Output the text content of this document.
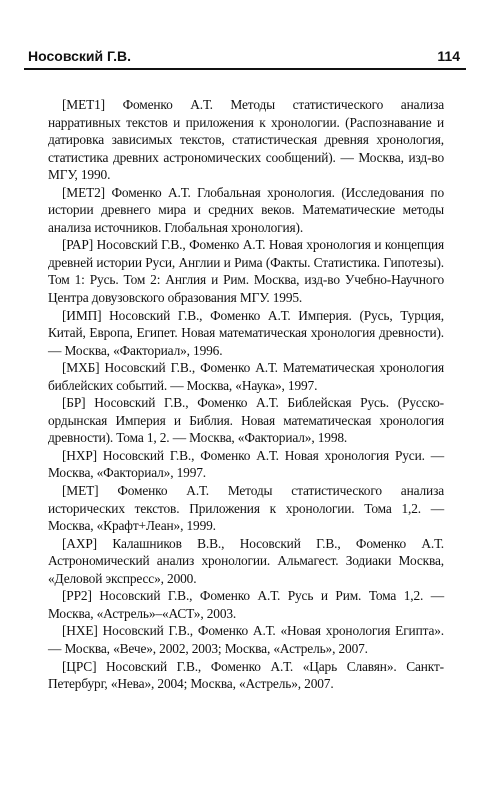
Носовский Г.В.	114

[МЕТ1] Фоменко А.Т. Методы статистического анализа нарративных текстов и приложения к хронологии. (Распознавание и датировка зависимых текстов, статистическая древняя хронология, статистика древних астрономических сообщений). — Москва, изд-во МГУ, 1990.

[МЕТ2] Фоменко А.Т. Глобальная хронология. (Исследования по истории древнего мира и средних веков. Математические методы анализа источников. Глобальная хронология).

[РАР] Носовский Г.В., Фоменко А.Т. Новая хронология и концепция древней истории Руси, Англии и Рима (Факты. Статистика. Гипотезы). Том 1: Русь. Том 2: Англия и Рим. Москва, изд-во Учебно-Научного Центра довузовского образования МГУ. 1995.

[ИМП] Носовский Г.В., Фоменко А.Т. Империя. (Русь, Турция, Китай, Европа, Египет. Новая математическая хронология древности). — Москва, «Факториал», 1996.

[МХБ] Носовский Г.В., Фоменко А.Т. Математическая хронология библейских событий. — Москва, «Наука», 1997.

[БР] Носовский Г.В., Фоменко А.Т. Библейская Русь. (Русско-ордынская Империя и Библия. Новая математическая хронология древности). Тома 1, 2. — Москва, «Факториал», 1998.

[НХР] Носовский Г.В., Фоменко А.Т. Новая хронология Руси. — Москва, «Факториал», 1997.

[МЕТ] Фоменко А.Т. Методы статистического анализа исторических текстов. Приложения к хронологии. Тома 1,2. — Москва, «Крафт+Леан», 1999.

[АХР] Калашников В.В., Носовский Г.В., Фоменко А.Т. Астрономический анализ хронологии. Альмагест. Зодиаки Москва, «Деловой экспресс», 2000.

[РР2] Носовский Г.В., Фоменко А.Т. Русь и Рим. Тома 1,2. — Москва, «Астрель»–«АСТ», 2003.

[НХЕ] Носовский Г.В., Фоменко А.Т. «Новая хронология Египта». — Москва, «Вече», 2002, 2003; Москва, «Астрель», 2007.

[ЦРС] Носовский Г.В., Фоменко А.Т. «Царь Славян». Санкт-Петербург, «Нева», 2004; Москва, «Астрель», 2007.
